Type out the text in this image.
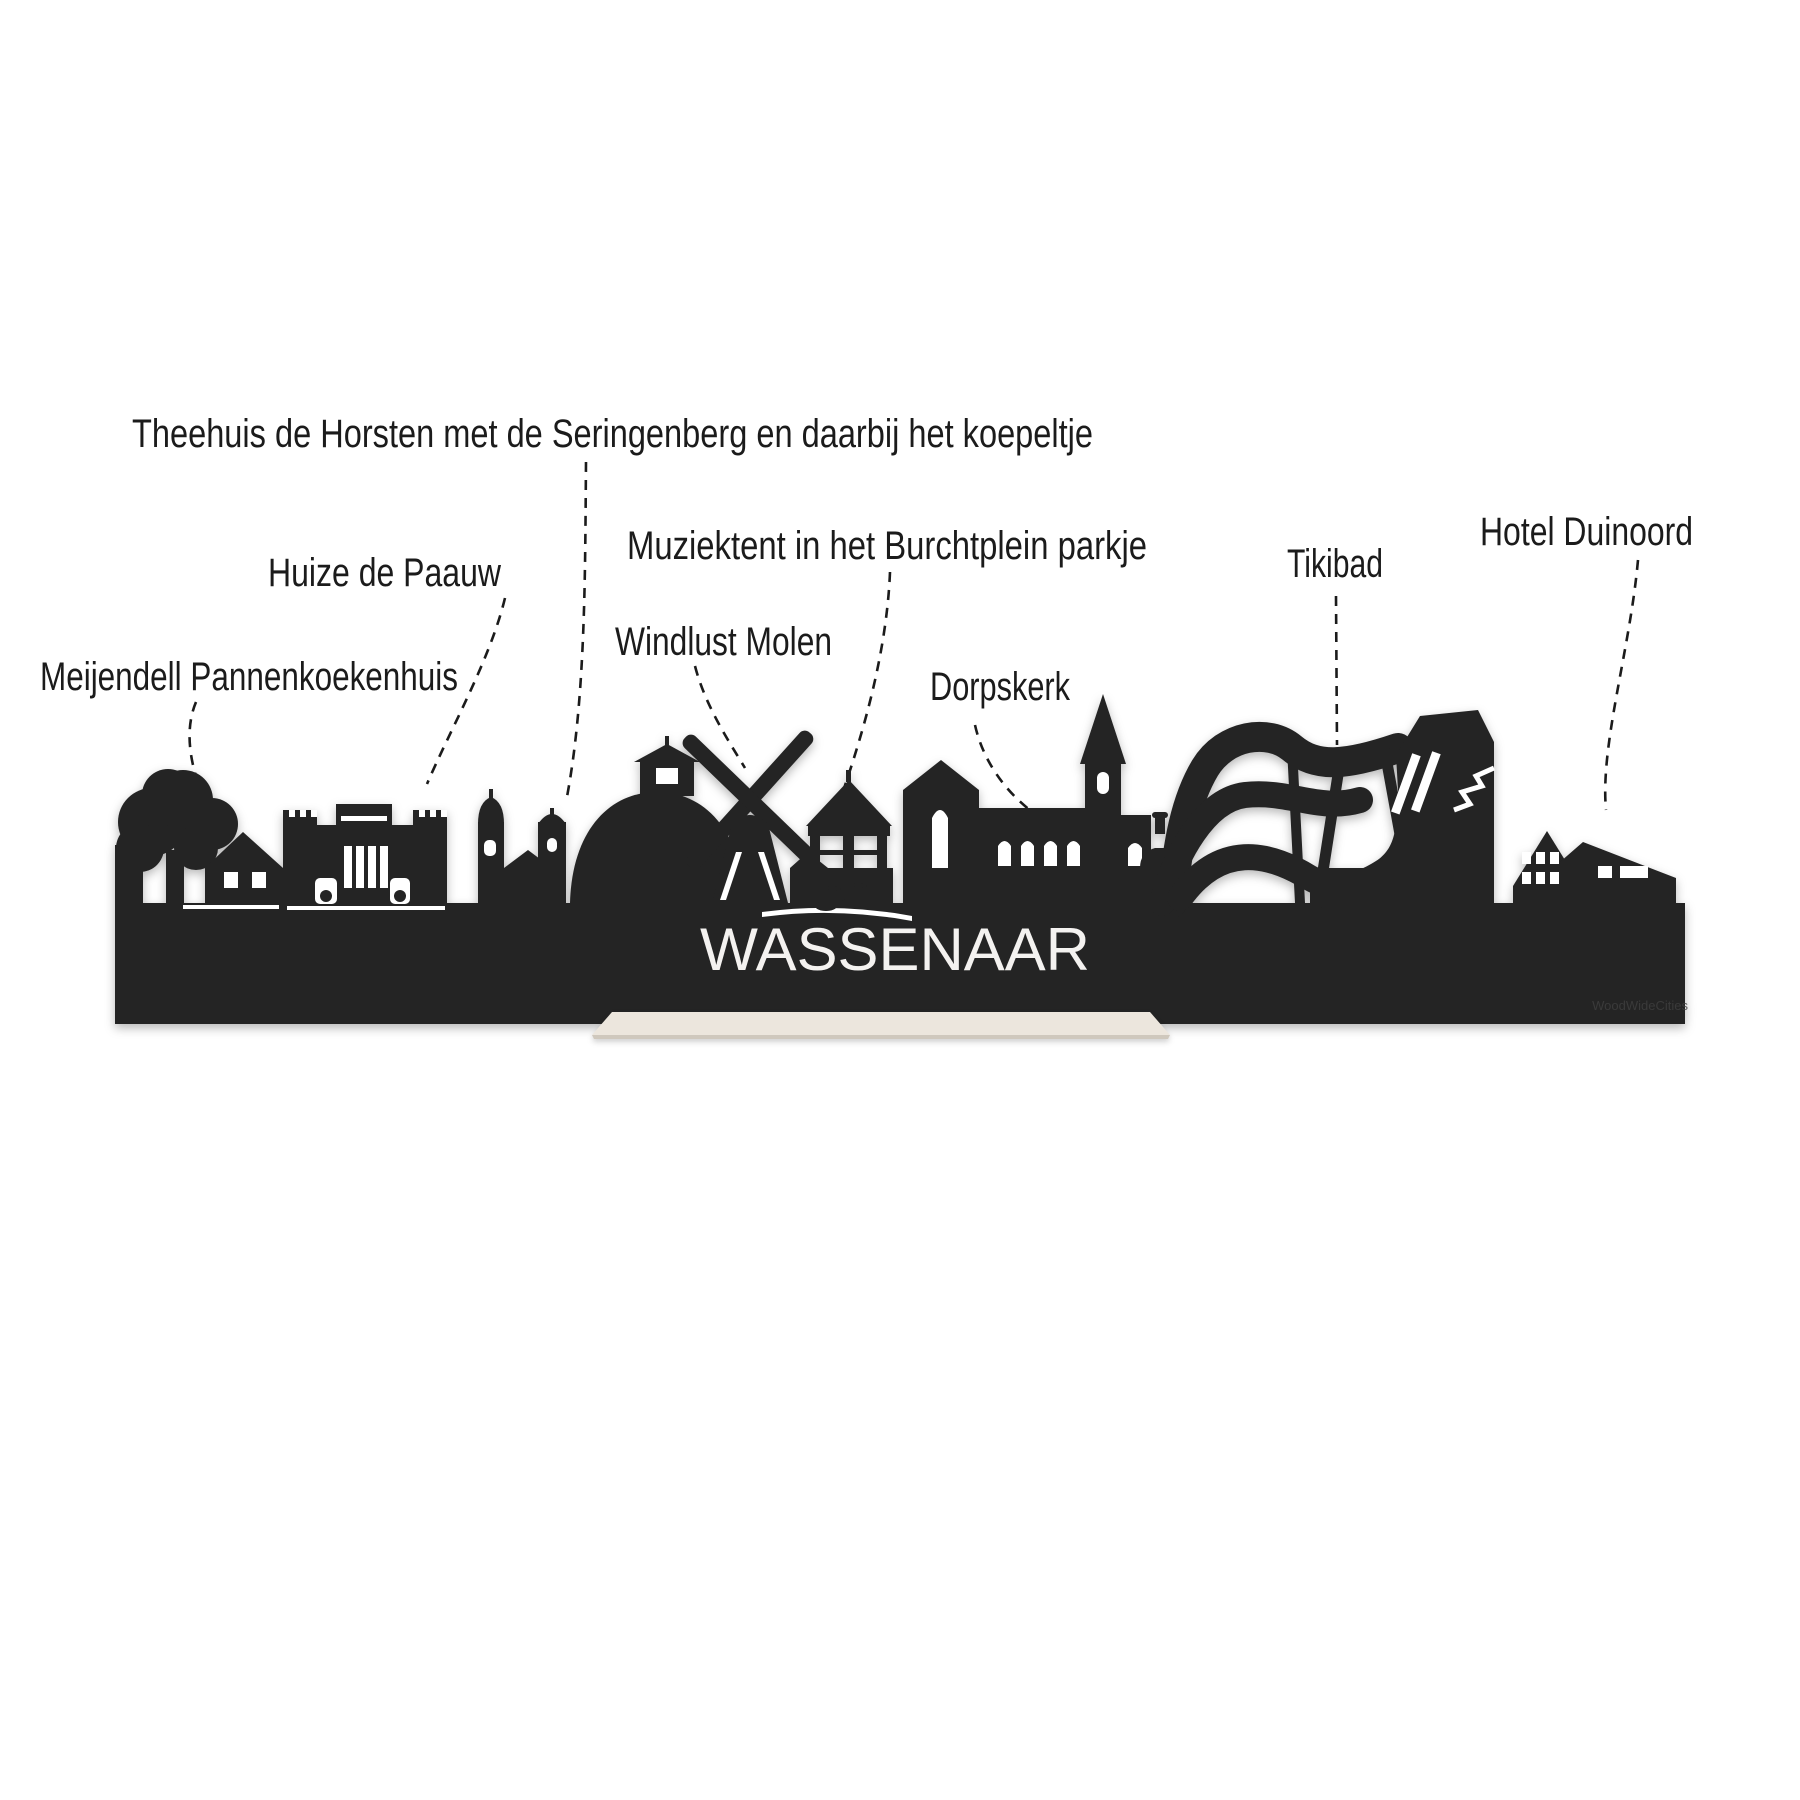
Theehuis de Horsten met de Seringenberg en daarbij het koepeltje
Huize de Paauw
Meijendell Pannenkoekenhuis
Windlust Molen
Muziektent in het Burchtplein parkje
Dorpskerk
Tikibad
Hotel Duinoord
WASSENAAR
WoodWideCities
